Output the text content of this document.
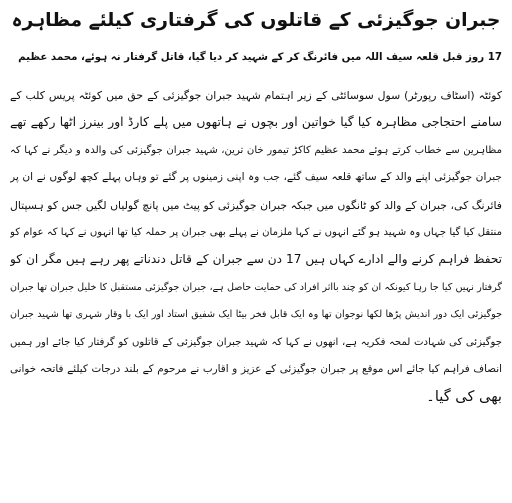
جبران جوگیزئی کے قاتلوں کی گرفتاری کیلئے مظاہرہ
17 روز قبل قلعہ سیف اللہ میں فائرنگ کر کے شہید کر دیا گیا، قاتل گرفتار نہ ہوئے، محمد عظیم
کوئٹہ (اسٹاف رپورٹر) سول سوسائٹی کے زیر اہتمام شہید جبران جوگیزئی کے حق میں کوئٹہ پریس کلب کے
سامنے احتجاجی مظاہرہ کیا گیا خواتین اور بچوں نے ہاتھوں میں پلے کارڈ اور بینرز اٹھا رکھے تھے
مظاہرین سے خطاب کرتے ہوئے محمد عظیم کاکڑ تیمور خان ترین، شہید جبران جوگیزئی کی والدہ و دیگر نے کہا کہ
جبران جوگیزئی اپنے والد کے ساتھ قلعہ سیف گئے، جب وہ اپنی زمینوں پر گئے تو وہاں پہلے کچھ لوگوں نے ان پر
فائرنگ کی، جبران کے والد کو ٹانگوں میں جبکہ جبران جوگیزئی کو پیٹ میں پانچ گولیاں لگیں جس کو ہسپتال
منتقل کیا گیا جہاں وہ شہید ہو گئے انہوں نے کہا ملزمان نے پہلے بھی جبران پر حملہ کیا تھا انہوں نے کہا کہ عوام کو
تحفظ فراہم کرنے والے ادارے کہاں ہیں 17 دن سے جبران کے قاتل دندناتے پھر رہے ہیں مگر ان کو
گرفتار نہیں کیا جا رہا کیونکہ ان کو چند بااثر افراد کی حمایت حاصل ہے، جبران جوگیزئی مستقبل کا خلیل جبران تھا جبران
جوگیزئی ایک دور اندیش پڑھا لکھا نوجوان تھا وہ ایک قابل فخر بیٹا ایک شفیق استاد اور ایک با وقار شہری تھا شہید جبران
جوگیزئی کی شہادت لمحہ فکریہ ہے، انھوں نے کہا کہ شہید جبران جوگیزئی کے قاتلوں کو گرفتار کیا جائے اور ہمیں
انصاف فراہم کیا جائے اس موقع پر جبران جوگیزئی کے عزیز و اقارب نے مرحوم کے بلند درجات کیلئے فاتحہ خوانی
بھی کی گیا۔
